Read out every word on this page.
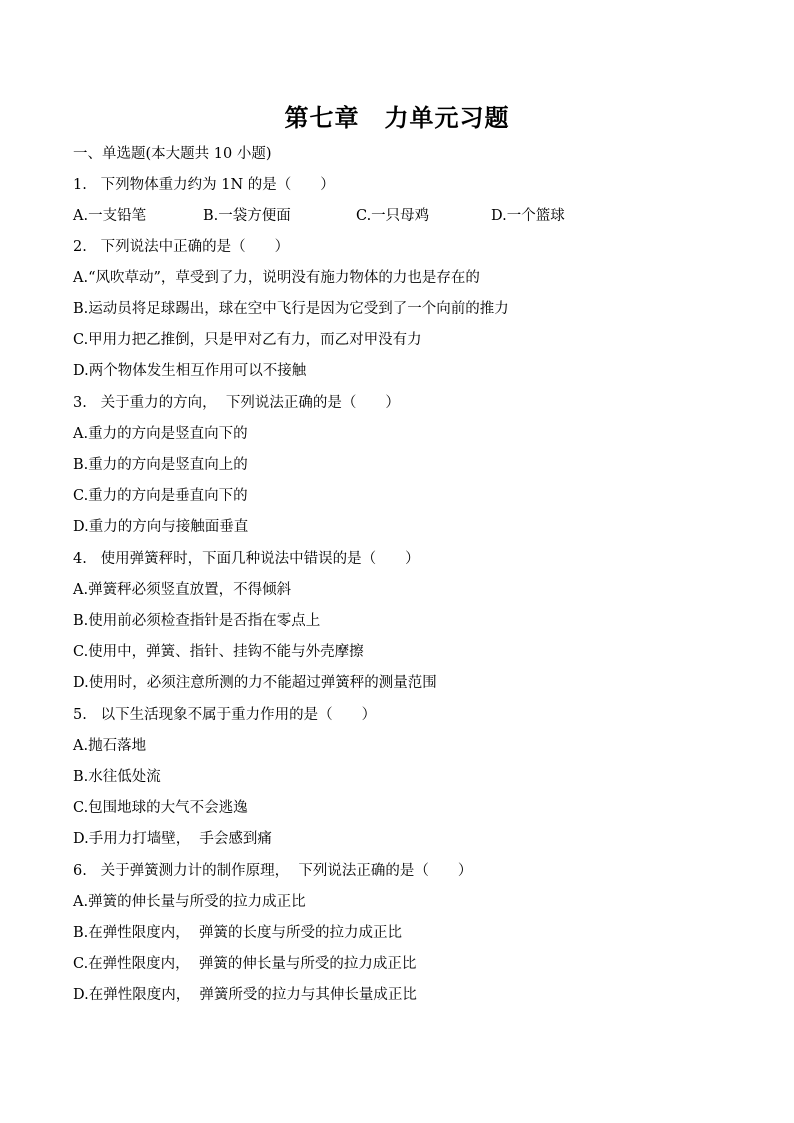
第七章　力单元习题
一、单选题(本大题共 10 小题)
1.   下列物体重力约为 1N 的是（　　）

A.一支铅笔

	B.一袋方便面

	C.一只母鸡

	D.一个篮球

2.   下列说法中正确的是（　　）
A.“风吹草动”，草受到了力，说明没有施力物体的力也是存在的
B.运动员将足球踢出，球在空中飞行是因为它受到了一个向前的推力
C.甲用力把乙推倒，只是甲对乙有力，而乙对甲没有力
D.两个物体发生相互作用可以不接触
3.   关于重力的方向，  下列说法正确的是（　　）
A.重力的方向是竖直向下的
B.重力的方向是竖直向上的
C.重力的方向是垂直向下的
D.重力的方向与接触面垂直
4.   使用弹簧秤时，下面几种说法中错误的是（　　）
A.弹簧秤必须竖直放置，不得倾斜
B.使用前必须检查指针是否指在零点上
C.使用中，弹簧、指针、挂钩不能与外壳摩擦
D.使用时，必须注意所测的力不能超过弹簧秤的测量范围
5.   以下生活现象不属于重力作用的是（　　）
A.抛石落地
B.水往低处流
C.包围地球的大气不会逃逸
D.手用力打墙壁，  手会感到痛
6.   关于弹簧测力计的制作原理，  下列说法正确的是（　　）
A.弹簧的伸长量与所受的拉力成正比
B.在弹性限度内，  弹簧的长度与所受的拉力成正比
C.在弹性限度内，  弹簧的伸长量与所受的拉力成正比
D.在弹性限度内，  弹簧所受的拉力与其伸长量成正比
